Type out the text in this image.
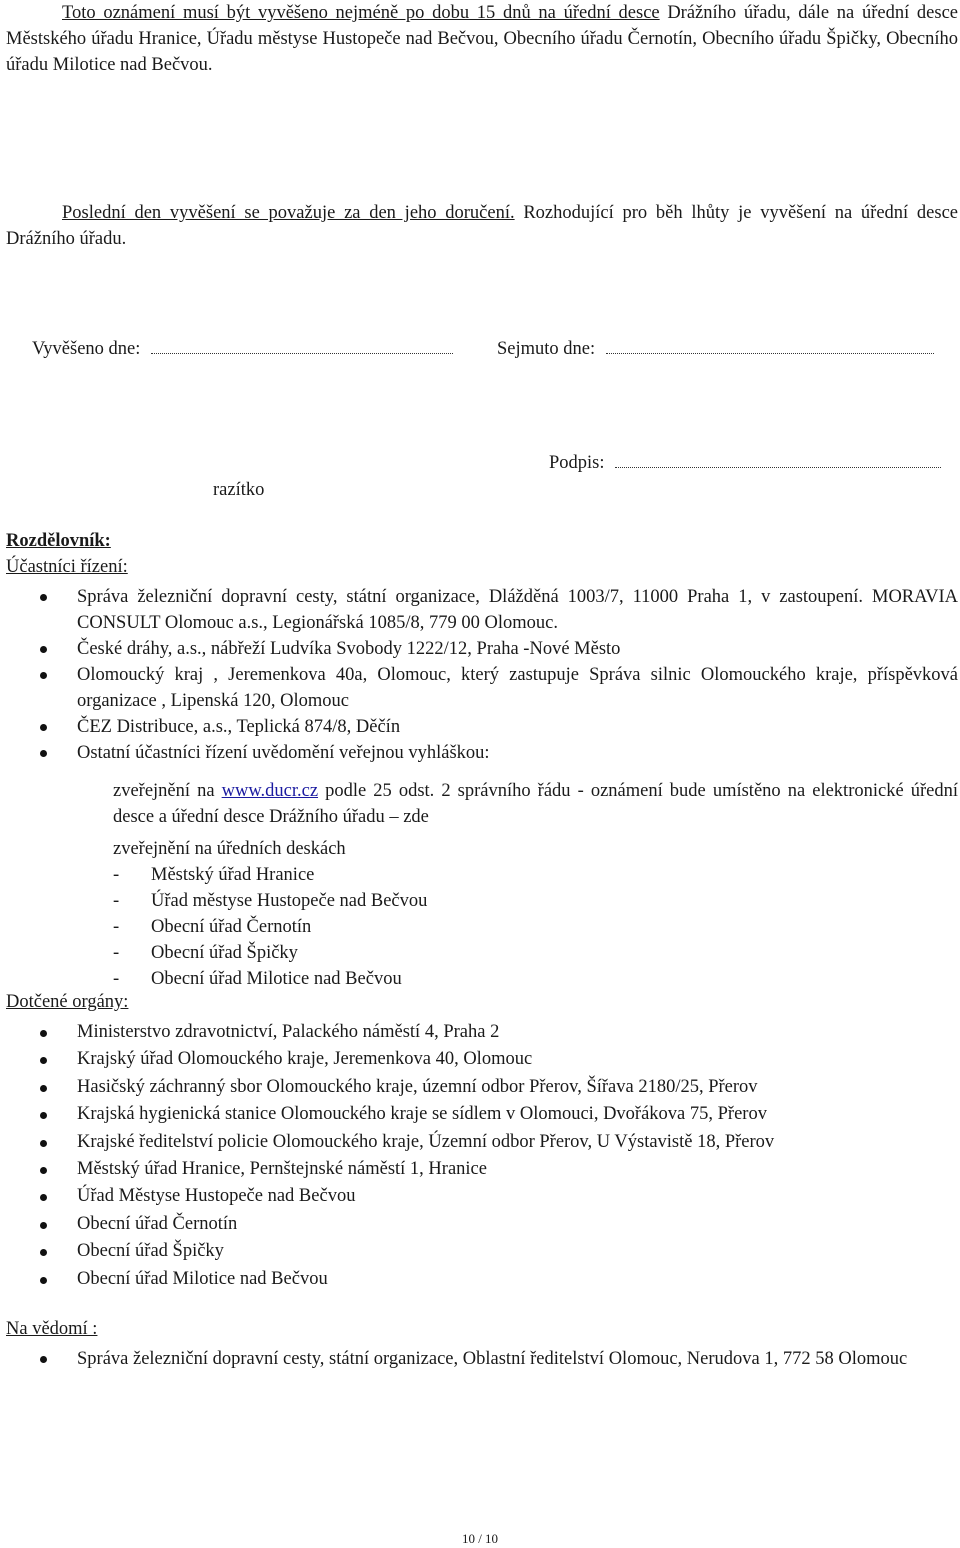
Toto oznámení musí být vyvěšeno nejméně po dobu 15 dnů na úřední desce Drážního úřadu, dále na úřední desce Městského úřadu Hranice, Úřadu městyse Hustopeče nad Bečvou, Obecního úřadu Černotín, Obecního úřadu Špičky, Obecního úřadu Milotice nad Bečvou.

Poslední den vyvěšení se považuje za den jeho doručení. Rozhodující pro běh lhůty je vyvěšení na úřední desce Drážního úřadu.

Vyvěšeno dne:	Sejmuto dne:
Podpis:
razítko
Rozdělovník:
Účastníci řízení:
Správa železniční dopravní cesty, státní organizace, Dlážděná 1003/7, 11000 Praha 1, v zastoupení. MORAVIA CONSULT Olomouc a.s., Legionářská 1085/8, 779 00 Olomouc.
České dráhy, a.s., nábřeží Ludvíka Svobody 1222/12, Praha -Nové Město
Olomoucký kraj , Jeremenkova 40a, Olomouc, který zastupuje Správa silnic Olomouckého kraje, příspěvková organizace , Lipenská 120, Olomouc
ČEZ Distribuce, a.s., Teplická 874/8, Děčín
Ostatní účastníci řízení uvědomění veřejnou vyhláškou:

zveřejnění na www.ducr.cz podle 25 odst. 2 správního řádu - oznámení bude umístěno na elektronické úřední desce a úřední desce Drážního úřadu – zde

zveřejnění na úředních deskách
- Městský úřad Hranice
- Úřad městyse Hustopeče nad Bečvou
- Obecní úřad Černotín
- Obecní úřad Špičky
- Obecní úřad Milotice nad Bečvou
Dotčené orgány:
Ministerstvo zdravotnictví, Palackého náměstí 4, Praha 2
Krajský úřad Olomouckého kraje, Jeremenkova 40, Olomouc
Hasičský záchranný sbor Olomouckého kraje, územní odbor Přerov, Šířava 2180/25, Přerov
Krajská hygienická stanice Olomouckého kraje se sídlem v Olomouci, Dvořákova 75, Přerov
Krajské ředitelství policie Olomouckého kraje, Územní odbor Přerov, U Výstavistě 18, Přerov
Městský úřad Hranice, Pernštejnské náměstí 1, Hranice
Úřad Městyse Hustopeče nad Bečvou
Obecní úřad Černotín
Obecní úřad Špičky
Obecní úřad Milotice nad Bečvou
Na vědomí :
Správa železniční dopravní cesty, státní organizace, Oblastní ředitelství Olomouc, Nerudova 1, 772 58 Olomouc
10 / 10
